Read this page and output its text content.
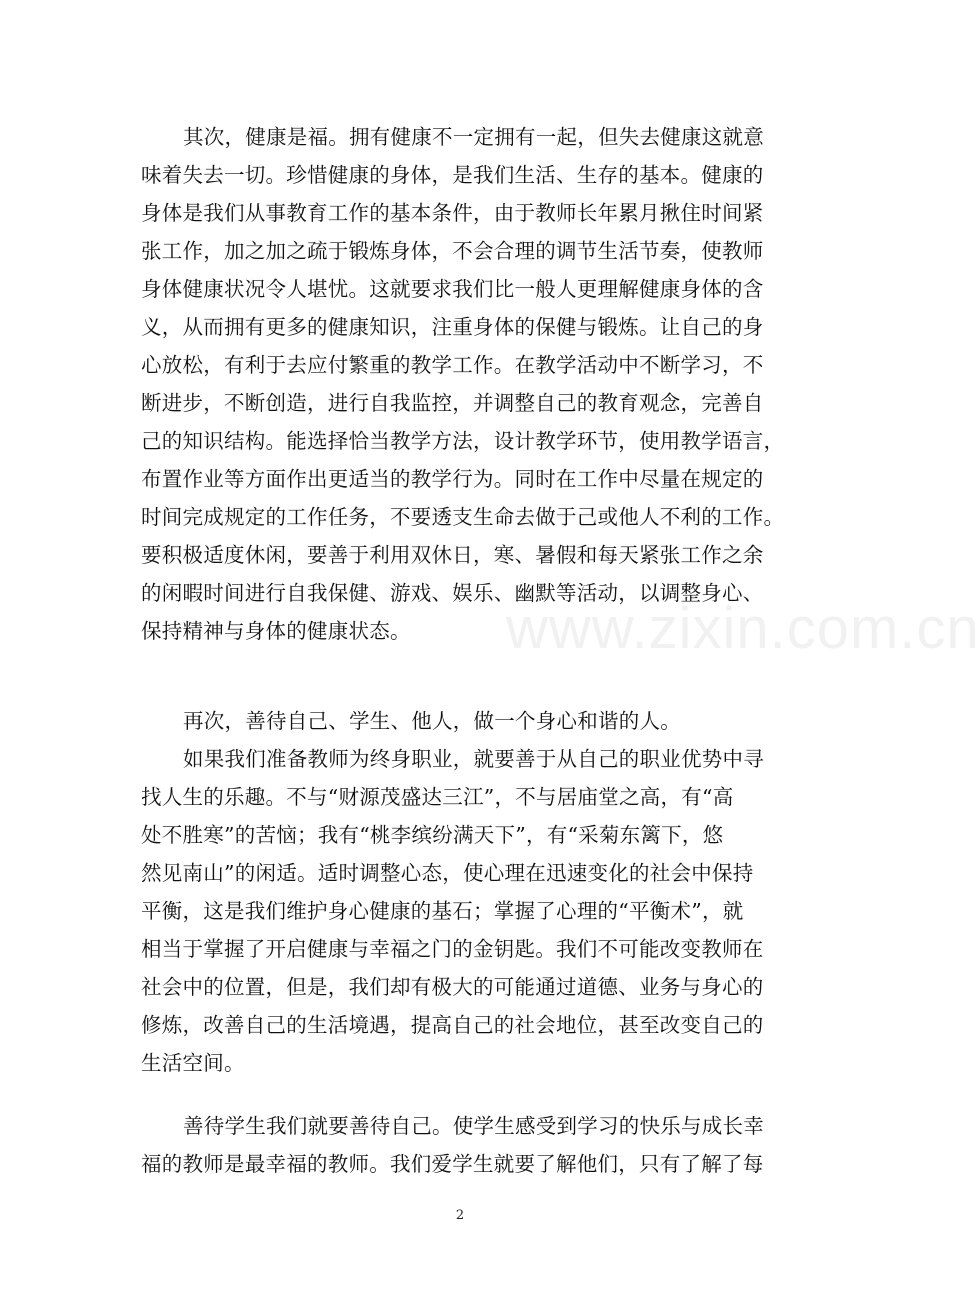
www.zixin.com.cn
其次，健康是福。拥有健康不一定拥有一起，但失去健康这就意
味着失去一切。珍惜健康的身体，是我们生活、生存的基本。健康的
身体是我们从事教育工作的基本条件，由于教师长年累月揪住时间紧
张工作，加之加之疏于锻炼身体，不会合理的调节生活节奏，使教师
身体健康状况令人堪忧。这就要求我们比一般人更理解健康身体的含
义，从而拥有更多的健康知识，注重身体的保健与锻炼。让自己的身
心放松，有利于去应付繁重的教学工作。在教学活动中不断学习，不
断进步，不断创造，进行自我监控，并调整自己的教育观念，完善自
己的知识结构。能选择恰当教学方法，设计教学环节，使用教学语言，
布置作业等方面作出更适当的教学行为。同时在工作中尽量在规定的
时间完成规定的工作任务，不要透支生命去做于己或他人不利的工作。
要积极适度休闲，要善于利用双休日，寒、暑假和每天紧张工作之余
的闲暇时间进行自我保健、游戏、娱乐、幽默等活动，以调整身心、
保持精神与身体的健康状态。
再次，善待自己、学生、他人，做一个身心和谐的人。
如果我们准备教师为终身职业，就要善于从自己的职业优势中寻
找人生的乐趣。不与“财源茂盛达三江”，不与居庙堂之高，有“高
处不胜寒”的苦恼；我有“桃李缤纷满天下”，有“采菊东篱下，悠
然见南山”的闲适。适时调整心态，使心理在迅速变化的社会中保持
平衡，这是我们维护身心健康的基石；掌握了心理的“平衡术”，就
相当于掌握了开启健康与幸福之门的金钥匙。我们不可能改变教师在
社会中的位置，但是，我们却有极大的可能通过道德、业务与身心的
修炼，改善自己的生活境遇，提高自己的社会地位，甚至改变自己的
生活空间。
善待学生我们就要善待自己。使学生感受到学习的快乐与成长幸
福的教师是最幸福的教师。我们爱学生就要了解他们，只有了解了每
2
